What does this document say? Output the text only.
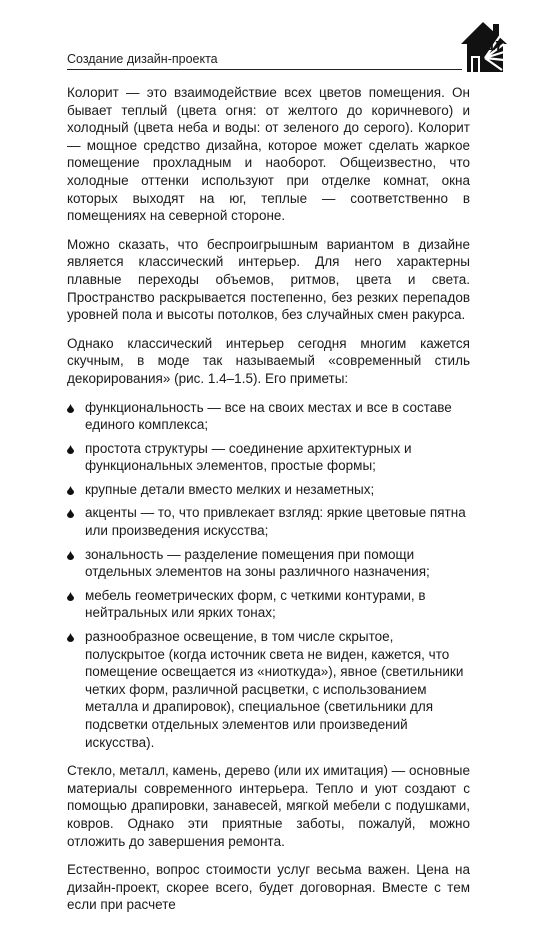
Создание дизайн-проекта
17

Колорит — это взаимодействие всех цветов помещения. Он бывает теплый (цвета огня: от желтого до коричневого) и холодный (цвета неба и воды: от зеленого до серого). Колорит — мощное средство дизайна, которое может сделать жаркое помещение прохладным и наоборот. Общеизвестно, что холодные оттенки используют при отделке комнат, окна которых выходят на юг, теплые — соответственно в помещениях на северной стороне.

Можно сказать, что беспроигрышным вариантом в дизайне является классический интерьер. Для него характерны плавные переходы объемов, ритмов, цвета и света. Пространство раскрывается постепенно, без резких перепадов уровней пола и высоты потолков, без случайных смен ракурса.

Однако классический интерьер сегодня многим кажется скучным, в моде так называемый «современный стиль декорирования» (рис. 1.4–1.5). Его приметы:

функциональность — все на своих местах и все в составе единого комплекса;
простота структуры — соединение архитектурных и функциональных элементов, простые формы;
крупные детали вместо мелких и незаметных;
акценты — то, что привлекает взгляд: яркие цветовые пятна или произведения искусства;
зональность — разделение помещения при помощи отдельных элементов на зоны различного назначения;
мебель геометрических форм, с четкими контурами, в нейтральных или ярких тонах;
разнообразное освещение, в том числе скрытое, полускрытое (когда источник света не виден, кажется, что помещение освещается из «ниоткуда»), явное (светильники четких форм, различной расцветки, с использованием металла и драпировок), специальное (светильники для подсветки отдельных элементов или произведений искусства).

Стекло, металл, камень, дерево (или их имитация) — основные материалы современного интерьера. Тепло и уют создают с помощью драпировки, занавесей, мягкой мебели с подушками, ковров. Однако эти приятные заботы, пожалуй, можно отложить до завершения ремонта.

Естественно, вопрос стоимости услуг весьма важен. Цена на дизайн-проект, скорее всего, будет договорная. Вместе с тем если при расчете
